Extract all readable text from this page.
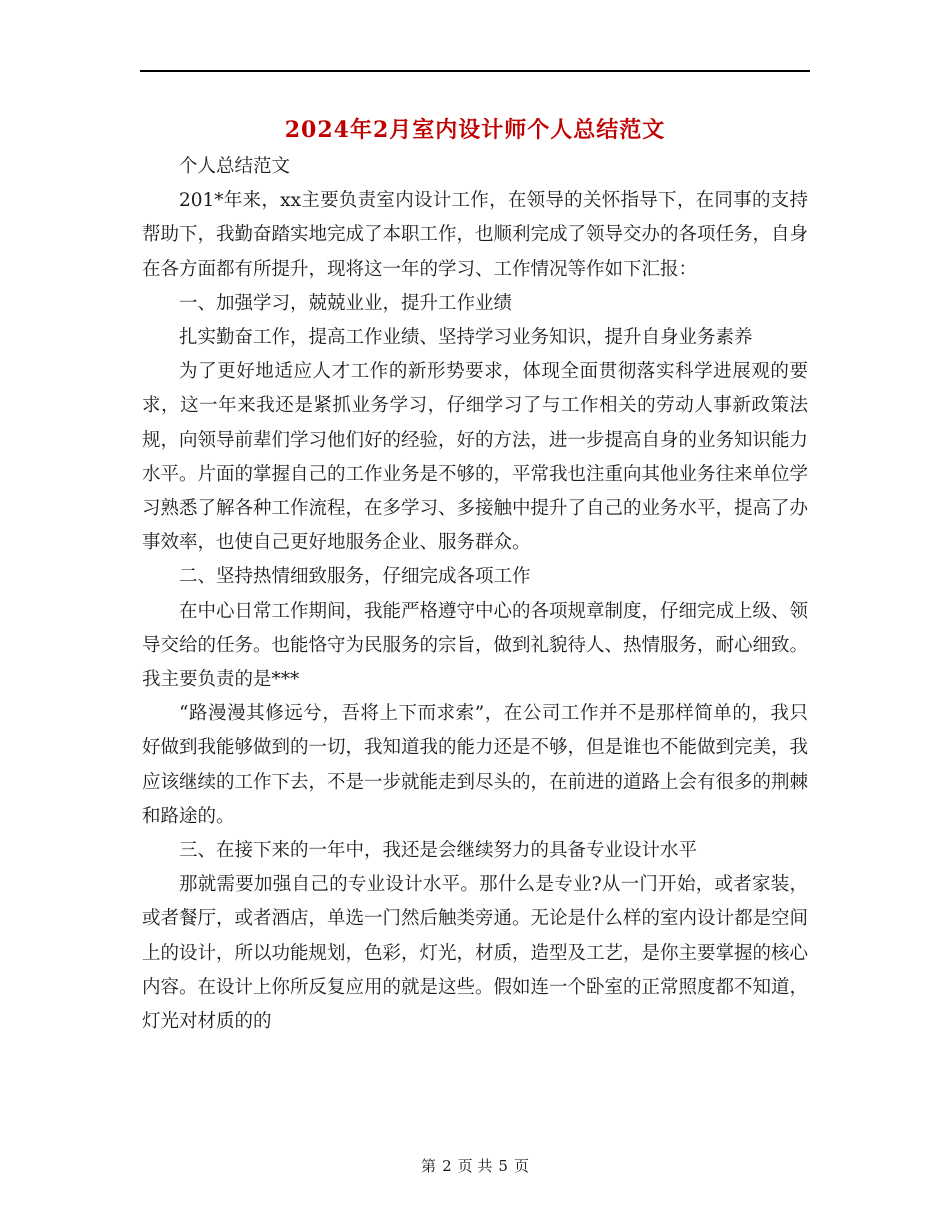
2024年2月室内设计师个人总结范文

个人总结范文

201*年来，xx主要负责室内设计工作，在领导的关怀指导下，在同事的支持帮助下，我勤奋踏实地完成了本职工作，也顺利完成了领导交办的各项任务，自身在各方面都有所提升，现将这一年的学习、工作情况等作如下汇报：

一、加强学习，兢兢业业，提升工作业绩

扎实勤奋工作，提高工作业绩、坚持学习业务知识，提升自身业务素养

为了更好地适应人才工作的新形势要求，体现全面贯彻落实科学进展观的要求，这一年来我还是紧抓业务学习，仔细学习了与工作相关的劳动人事新政策法规，向领导前辈们学习他们好的经验，好的方法，进一步提高自身的业务知识能力水平。片面的掌握自己的工作业务是不够的，平常我也注重向其他业务往来单位学习熟悉了解各种工作流程，在多学习、多接触中提升了自己的业务水平，提高了办事效率，也使自己更好地服务企业、服务群众。

二、坚持热情细致服务，仔细完成各项工作

在中心日常工作期间，我能严格遵守中心的各项规章制度，仔细完成上级、领导交给的任务。也能恪守为民服务的宗旨，做到礼貌待人、热情服务，耐心细致。我主要负责的是***

“路漫漫其修远兮，吾将上下而求索”，在公司工作并不是那样简单的，我只好做到我能够做到的一切，我知道我的能力还是不够，但是谁也不能做到完美，我应该继续的工作下去，不是一步就能走到尽头的，在前进的道路上会有很多的荆棘和路途的。

三、在接下来的一年中，我还是会继续努力的具备专业设计水平

那就需要加强自己的专业设计水平。那什么是专业?从一门开始，或者家装，或者餐厅，或者酒店，单选一门然后触类旁通。无论是什么样的室内设计都是空间上的设计，所以功能规划，色彩，灯光，材质，造型及工艺，是你主要掌握的核心内容。在设计上你所反复应用的就是这些。假如连一个卧室的正常照度都不知道，灯光对材质的的

第 2 页 共 5 页
